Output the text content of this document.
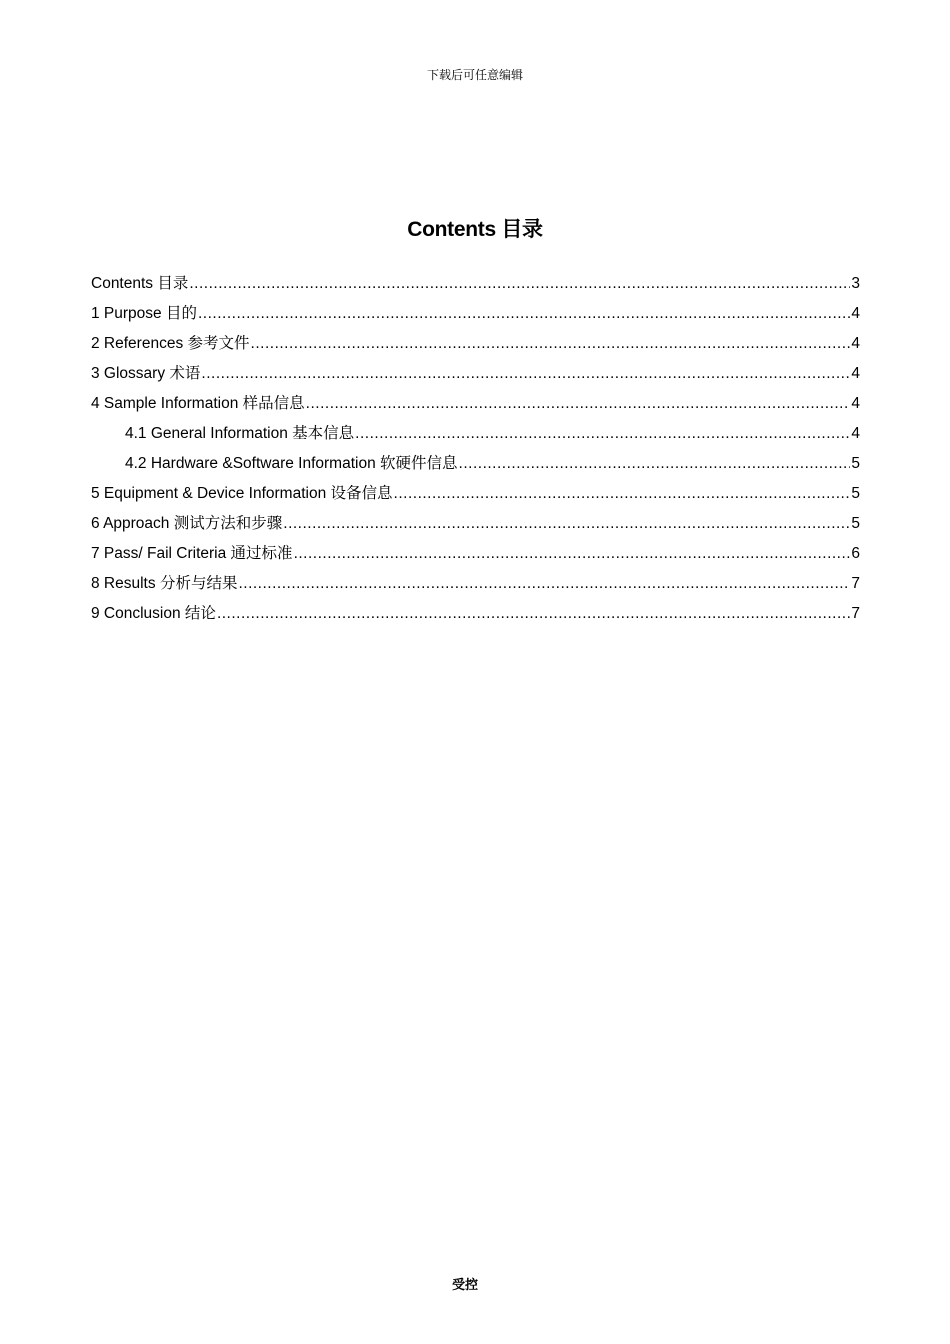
下载后可任意编辑
Contents 目录
Contents 目录 .....	3
1 Purpose 目的 .....	4
2 References 参考文件 .....	4
3 Glossary 术语 .....	4
4 Sample Information 样品信息 .....	4
4.1 General Information 基本信息 .....	4
4.2 Hardware &Software Information 软硬件信息 .....	5
5 Equipment & Device Information 设备信息 .....	5
6 Approach 测试方法和步骤 .....	5
7 Pass/ Fail Criteria 通过标准 .....	6
8 Results 分析与结果 .....	7
9 Conclusion 结论 .....	7
受控
